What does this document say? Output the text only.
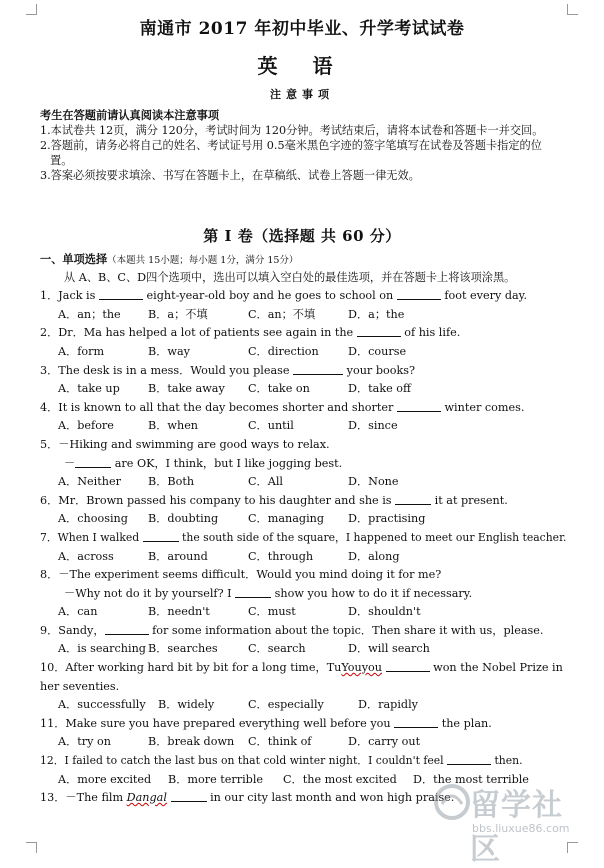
南通市 2017 年初中毕业、升学考试试卷
英 语
注意事项
考生在答题前请认真阅读本注意事项
1.本试卷共 12页，满分 120分，考试时间为 120分钟。考试结束后，请将本试卷和答题卡一并交回。
2.答题前，请务必将自己的姓名、考试证号用 0.5毫米黑色字迹的签字笔填写在试卷及答题卡指定的位置。
3.答案必须按要求填涂、书写在答题卡上，在草稿纸、试卷上答题一律无效。
第 I 卷（选择题 共 60 分）
一、单项选择（本题共 15小题；每小题 1分，满分 15分）
从 A、B、C、D四个选项中，选出可以填入空白处的最佳选项，并在答题卡上将该项涂黑。
1．Jack is	eight-year-old boy and he goes to school on	foot every day.
A．an；the	B．a；不填	C．an；不填	D．a；the
2．Dr．Ma has helped a lot of patients see again in the	of his life.
A．form	B．way	C．direction	D．course
3．The desk is in a mess．Would you please	your books?
A．take up	B．take away	C．take on	D．take off
4．It is known to all that the day becomes shorter and shorter	winter comes.
A．before	B．when	C．until	D．since
5．－Hiking and swimming are good ways to relax.
－	are OK，I think，but I like jogging best.
A．Neither	B．Both	C．All	D．None
6．Mr．Brown passed his company to his daughter and she is	it at present.
A．choosing	B．doubting	C．managing	D．practising
7．When I walked	the south side of the square，I happened to meet our English teacher.
A．across	B．around	C．through	D．along
8．－The experiment seems difficult．Would you mind doing it for me?
－Why not do it by yourself? I	show you how to do it if necessary.
A．can	B．needn't	C．must	D．shouldn't
9．Sandy，	for some information about the topic．Then share it with us，please.
A．is searching B．searches	C．search	D．will search
10．After working hard bit by bit for a long time，TuYouyou	won the Nobel Prize in
her seventies.
A．successfully	B．widely	C．especially	D．rapidly
11．Make sure you have prepared everything well before you	the plan.
A．try on	B．break down	C．think of	D．carry out
12．I failed to catch the last bus on that cold winter night．I couldn't feel	then.
A．more excited	B．more terrible	C．the most excited	D．the most terrible
13．－The film Dangal	in our city last month and won high praise. 留学社区
bbs.liuxue86.com
